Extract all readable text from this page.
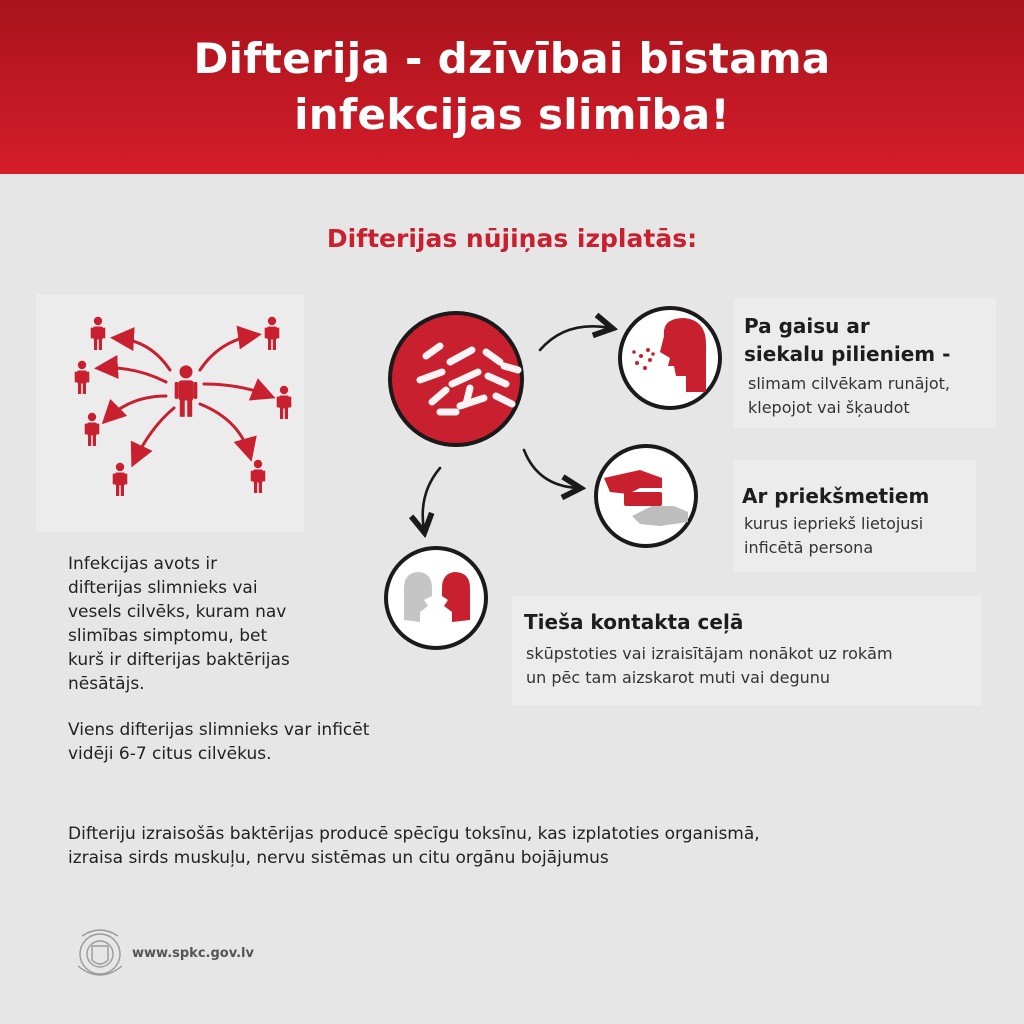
Difterija - dzīvībai bīstama
infekcijas slimība!
Difterijas nūjiņas izplatās:
Infekcijas avots ir
difterijas slimnieks vai
vesels cilvēks, kuram nav
slimības simptomu, bet
kurš ir difterijas baktērijas
nēsātājs.
Viens difterijas slimnieks var inficēt
vidēji 6-7 citus cilvēkus.
Pa gaisu ar
siekalu pilieniem -
slimam cilvēkam runājot,
klepojot vai šķaudot
Ar priekšmetiem
kurus iepriekš lietojusi
inficētā persona
Tieša kontakta ceļā
skūpstoties vai izraisītājam nonākot uz rokām
un pēc tam aizskarot muti vai degunu
Difteriju izraisošās baktērijas producē spēcīgu toksīnu, kas izplatoties organismā,
izraisa sirds muskuļu, nervu sistēmas un citu orgānu bojājumus
www.spkc.gov.lv
